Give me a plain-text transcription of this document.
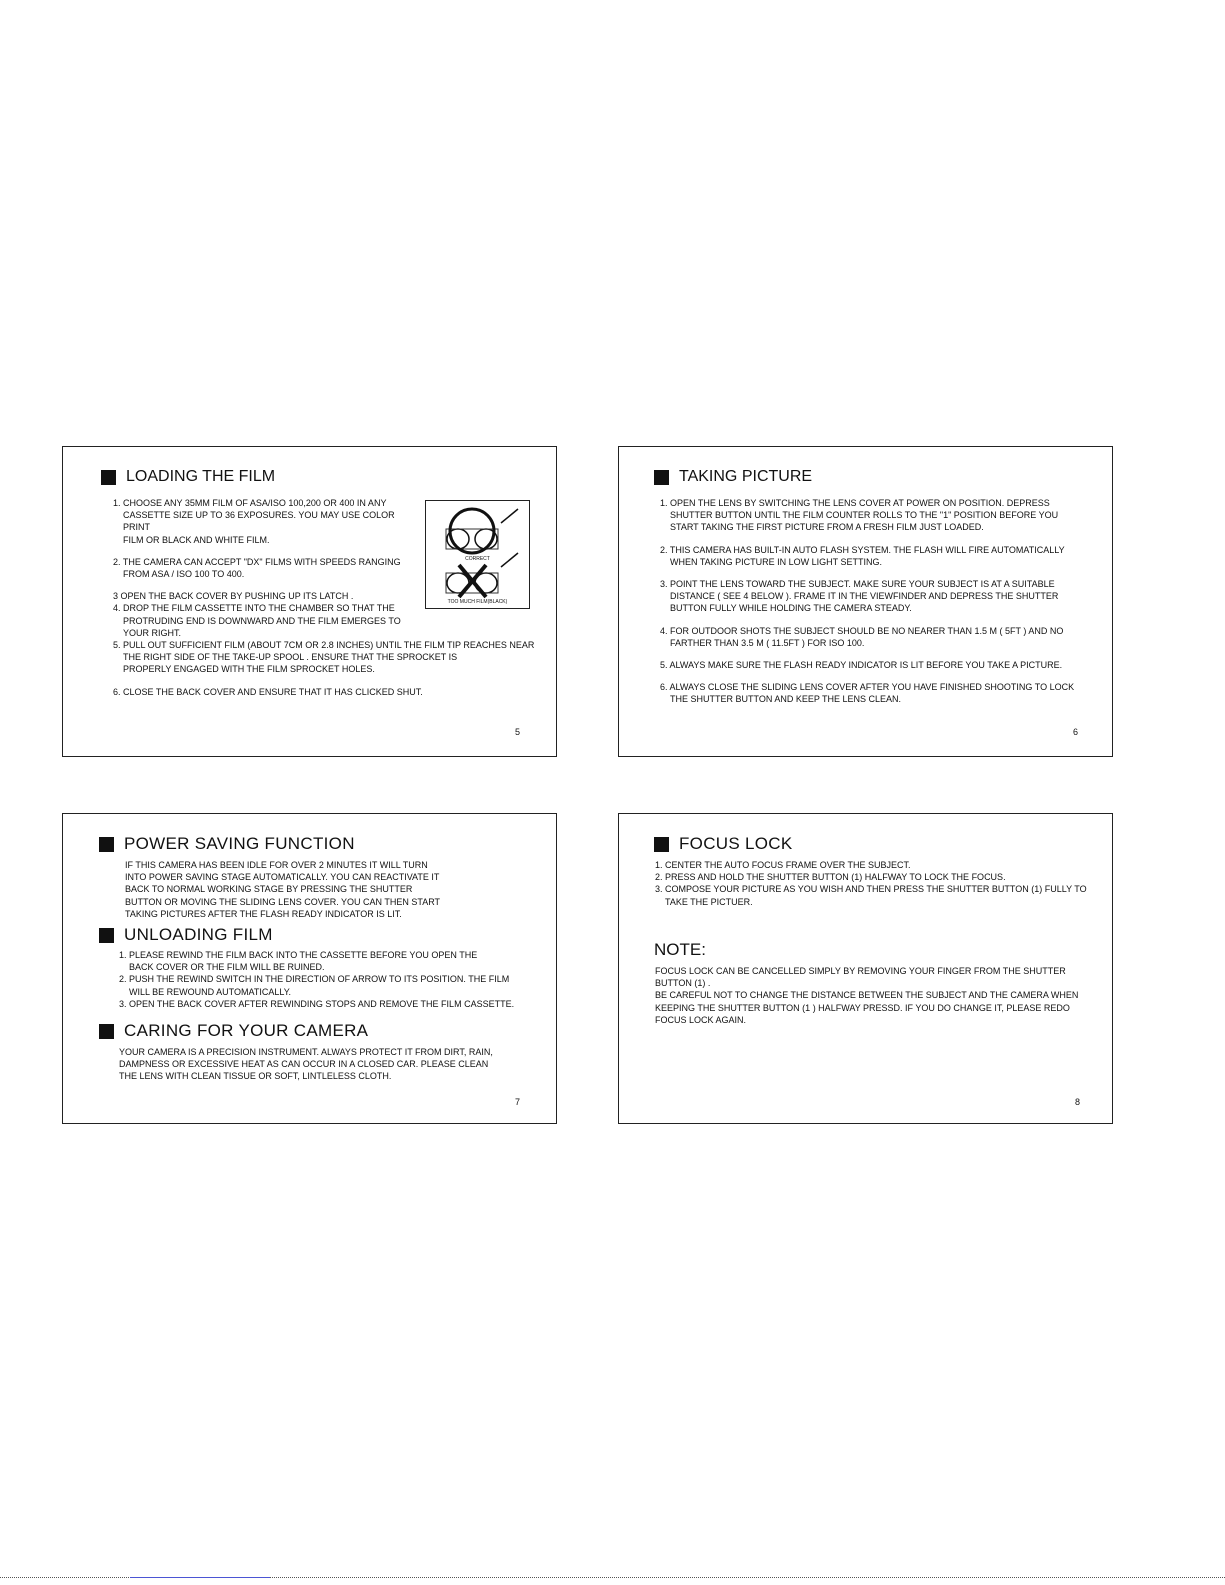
LOADING THE FILM

1. CHOOSE ANY 35MM FILM OF ASA/ISO 100,200 OR 400 IN ANY

CASSETTE SIZE UP TO 36 EXPOSURES. YOU MAY USE COLOR PRINT

FILM OR BLACK AND WHITE FILM.

2. THE CAMERA CAN ACCEPT "DX" FILMS WITH SPEEDS RANGING

FROM ASA / ISO 100 TO 400.

3 OPEN THE BACK COVER BY PUSHING UP ITS LATCH .

4. DROP THE FILM CASSETTE INTO THE CHAMBER SO THAT THE

PROTRUDING END IS DOWNWARD AND THE FILM EMERGES TO

YOUR RIGHT.

5. PULL OUT SUFFICIENT FILM (ABOUT 7CM OR 2.8 INCHES) UNTIL THE FILM TIP REACHES NEAR

THE RIGHT SIDE OF THE TAKE-UP SPOOL . ENSURE THAT THE SPROCKET IS

PROPERLY ENGAGED WITH THE FILM SPROCKET HOLES.

6. CLOSE THE BACK COVER AND ENSURE THAT IT HAS CLICKED SHUT.

CORRECT
TOO MUCH FILM(BLACK)
5
TAKING PICTURE

1. OPEN THE LENS BY SWITCHING THE LENS COVER AT POWER ON POSITION. DEPRESS

SHUTTER BUTTON UNTIL THE FILM COUNTER ROLLS TO THE "1" POSITION BEFORE YOU

START TAKING THE FIRST PICTURE FROM A FRESH FILM JUST LOADED.

2. THIS CAMERA HAS BUILT-IN AUTO FLASH SYSTEM. THE FLASH WILL FIRE AUTOMATICALLY

WHEN TAKING PICTURE IN LOW LIGHT SETTING.

3. POINT THE LENS TOWARD THE SUBJECT. MAKE SURE YOUR SUBJECT IS AT A SUITABLE

DISTANCE ( SEE 4 BELOW ). FRAME IT IN THE VIEWFINDER AND DEPRESS THE SHUTTER

BUTTON FULLY WHILE HOLDING THE CAMERA STEADY.

4. FOR OUTDOOR SHOTS THE SUBJECT SHOULD BE NO NEARER THAN 1.5 M ( 5FT ) AND NO

FARTHER THAN 3.5 M ( 11.5FT ) FOR ISO 100.

5. ALWAYS MAKE SURE THE FLASH READY INDICATOR IS LIT BEFORE YOU TAKE A PICTURE.

6. ALWAYS CLOSE THE SLIDING LENS COVER AFTER YOU HAVE FINISHED SHOOTING TO LOCK

THE SHUTTER BUTTON AND KEEP THE LENS CLEAN.

6
POWER SAVING FUNCTION

IF THIS CAMERA HAS BEEN IDLE FOR OVER 2 MINUTES IT WILL TURN

INTO POWER SAVING STAGE AUTOMATICALLY. YOU CAN REACTIVATE IT

BACK TO NORMAL WORKING STAGE BY PRESSING THE SHUTTER

BUTTON OR MOVING THE SLIDING LENS COVER. YOU CAN THEN START

TAKING PICTURES AFTER THE FLASH READY INDICATOR IS LIT.

UNLOADING FILM

1. PLEASE REWIND THE FILM BACK INTO THE CASSETTE BEFORE YOU OPEN THE

BACK COVER OR THE FILM WILL BE RUINED.

2. PUSH THE REWIND SWITCH IN THE DIRECTION OF ARROW TO ITS POSITION. THE FILM

WILL BE REWOUND AUTOMATICALLY.

3. OPEN THE BACK COVER AFTER REWINDING STOPS AND REMOVE THE FILM CASSETTE.

CARING FOR YOUR CAMERA

YOUR CAMERA IS A PRECISION INSTRUMENT. ALWAYS PROTECT IT FROM DIRT, RAIN,

DAMPNESS OR EXCESSIVE HEAT AS CAN OCCUR IN A CLOSED CAR. PLEASE CLEAN

THE LENS WITH CLEAN TISSUE OR SOFT, LINTLELESS CLOTH.

7
FOCUS LOCK

1. CENTER THE AUTO FOCUS FRAME OVER THE SUBJECT.

2. PRESS AND HOLD THE SHUTTER BUTTON (1) HALFWAY TO LOCK THE FOCUS.

3. COMPOSE YOUR PICTURE AS YOU WISH AND THEN PRESS THE SHUTTER BUTTON (1) FULLY TO

TAKE THE PICTUER.

NOTE:

FOCUS LOCK CAN BE CANCELLED SIMPLY BY REMOVING YOUR FINGER FROM THE SHUTTER

BUTTON (1) .

BE CAREFUL NOT TO CHANGE THE DISTANCE BETWEEN THE SUBJECT AND THE CAMERA WHEN

KEEPING THE SHUTTER BUTTON (1 ) HALFWAY PRESSD. IF YOU DO CHANGE IT, PLEASE REDO

FOCUS LOCK AGAIN.

8
